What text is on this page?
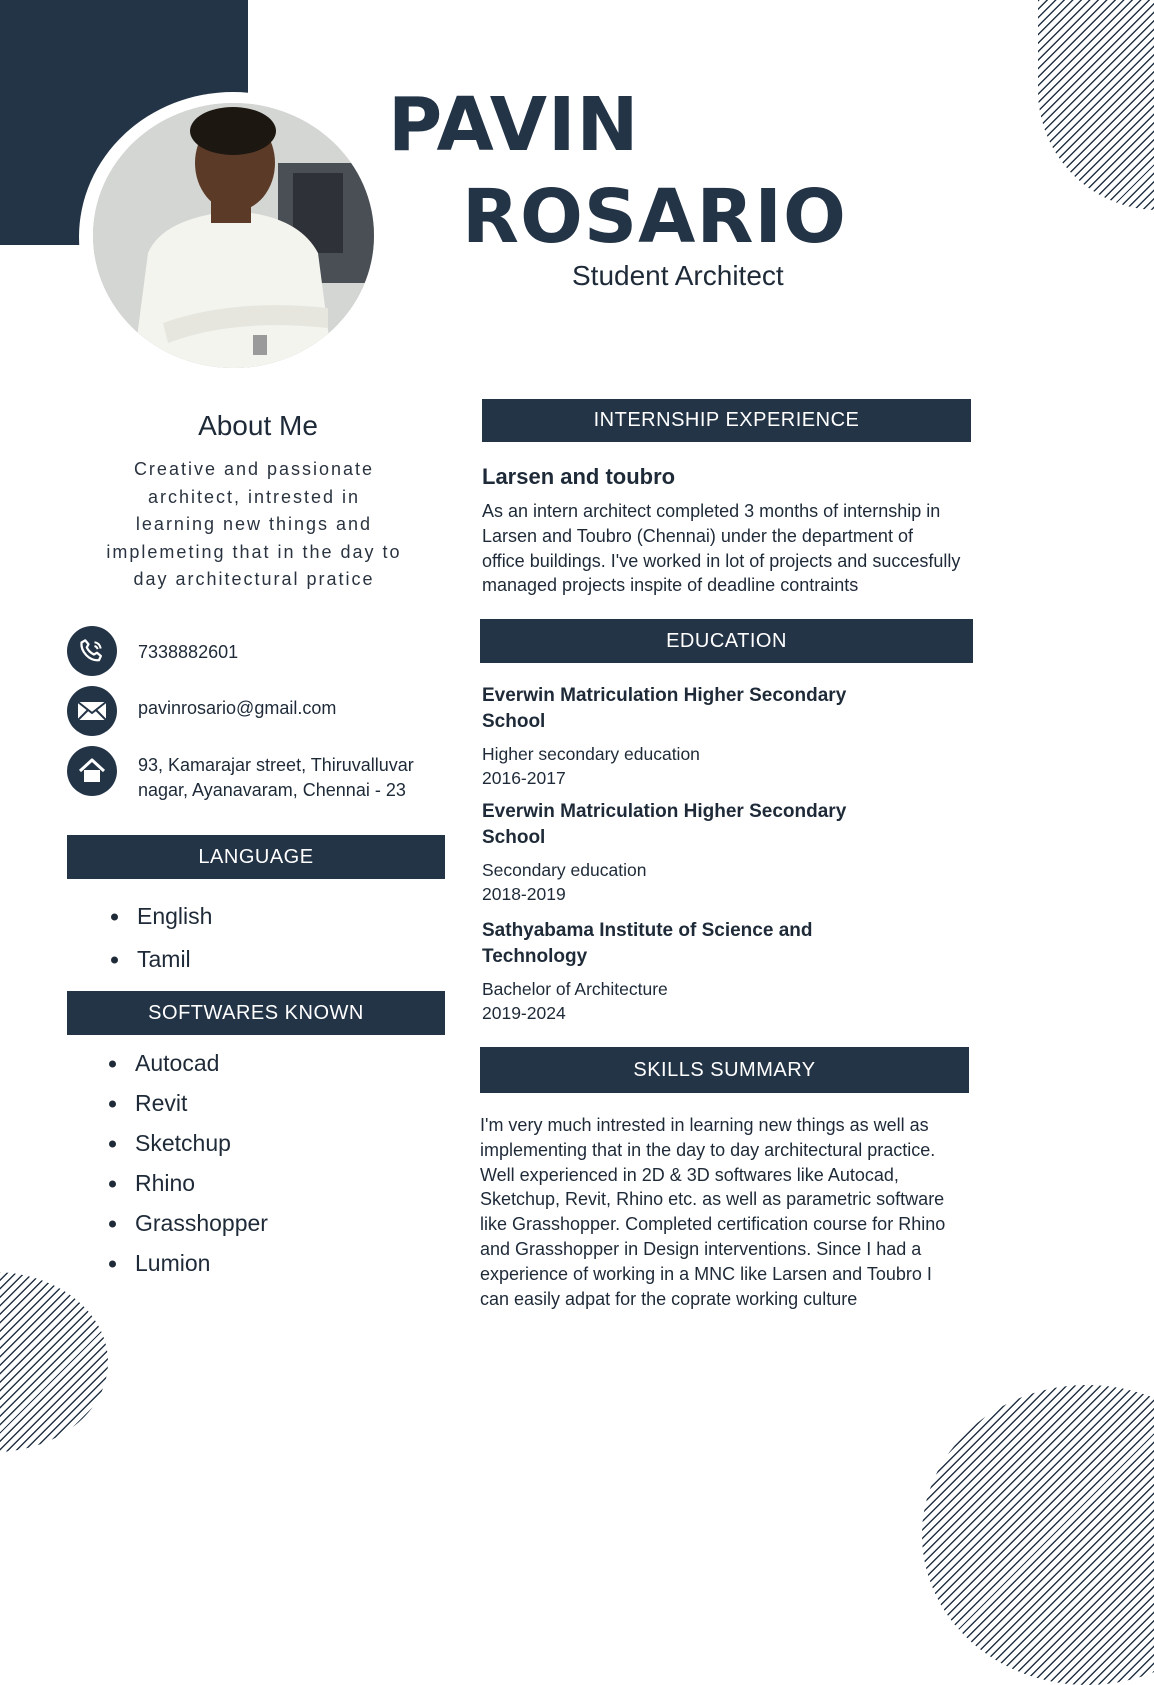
PAVIN
ROSARIO
Student Architect
About Me
Creative and passionate architect, intrested in learning new things and implemeting that in the day to day architectural pratice
7338882601
pavinrosario@gmail.com
93, Kamarajar street, Thiruvalluvar
nagar, Ayanavaram, Chennai - 23
LANGUAGE
English
Tamil
SOFTWARES KNOWN
Autocad
Revit
Sketchup
Rhino
Grasshopper
Lumion
INTERNSHIP EXPERIENCE
Larsen and toubro
As an intern architect completed 3 months of internship in
Larsen and Toubro (Chennai) under the department of
office buildings. I've worked in lot of projects and succesfully
managed projects inspite of deadline contraints
EDUCATION
Everwin Matriculation Higher Secondary
School
Higher secondary education
2016-2017
Everwin Matriculation Higher Secondary
School
Secondary education
2018-2019
Sathyabama Institute of Science and
Technology
Bachelor of Architecture
2019-2024
SKILLS SUMMARY
I'm very much intrested in learning new things as well as
implementing that in the day to day architectural practice.
Well experienced in 2D & 3D softwares like Autocad,
Sketchup, Revit, Rhino etc. as well as parametric software
like Grasshopper. Completed certification course for Rhino
and Grasshopper in Design interventions. Since I had a
experience of working in a MNC like Larsen and Toubro I
can easily adpat for the coprate working culture
